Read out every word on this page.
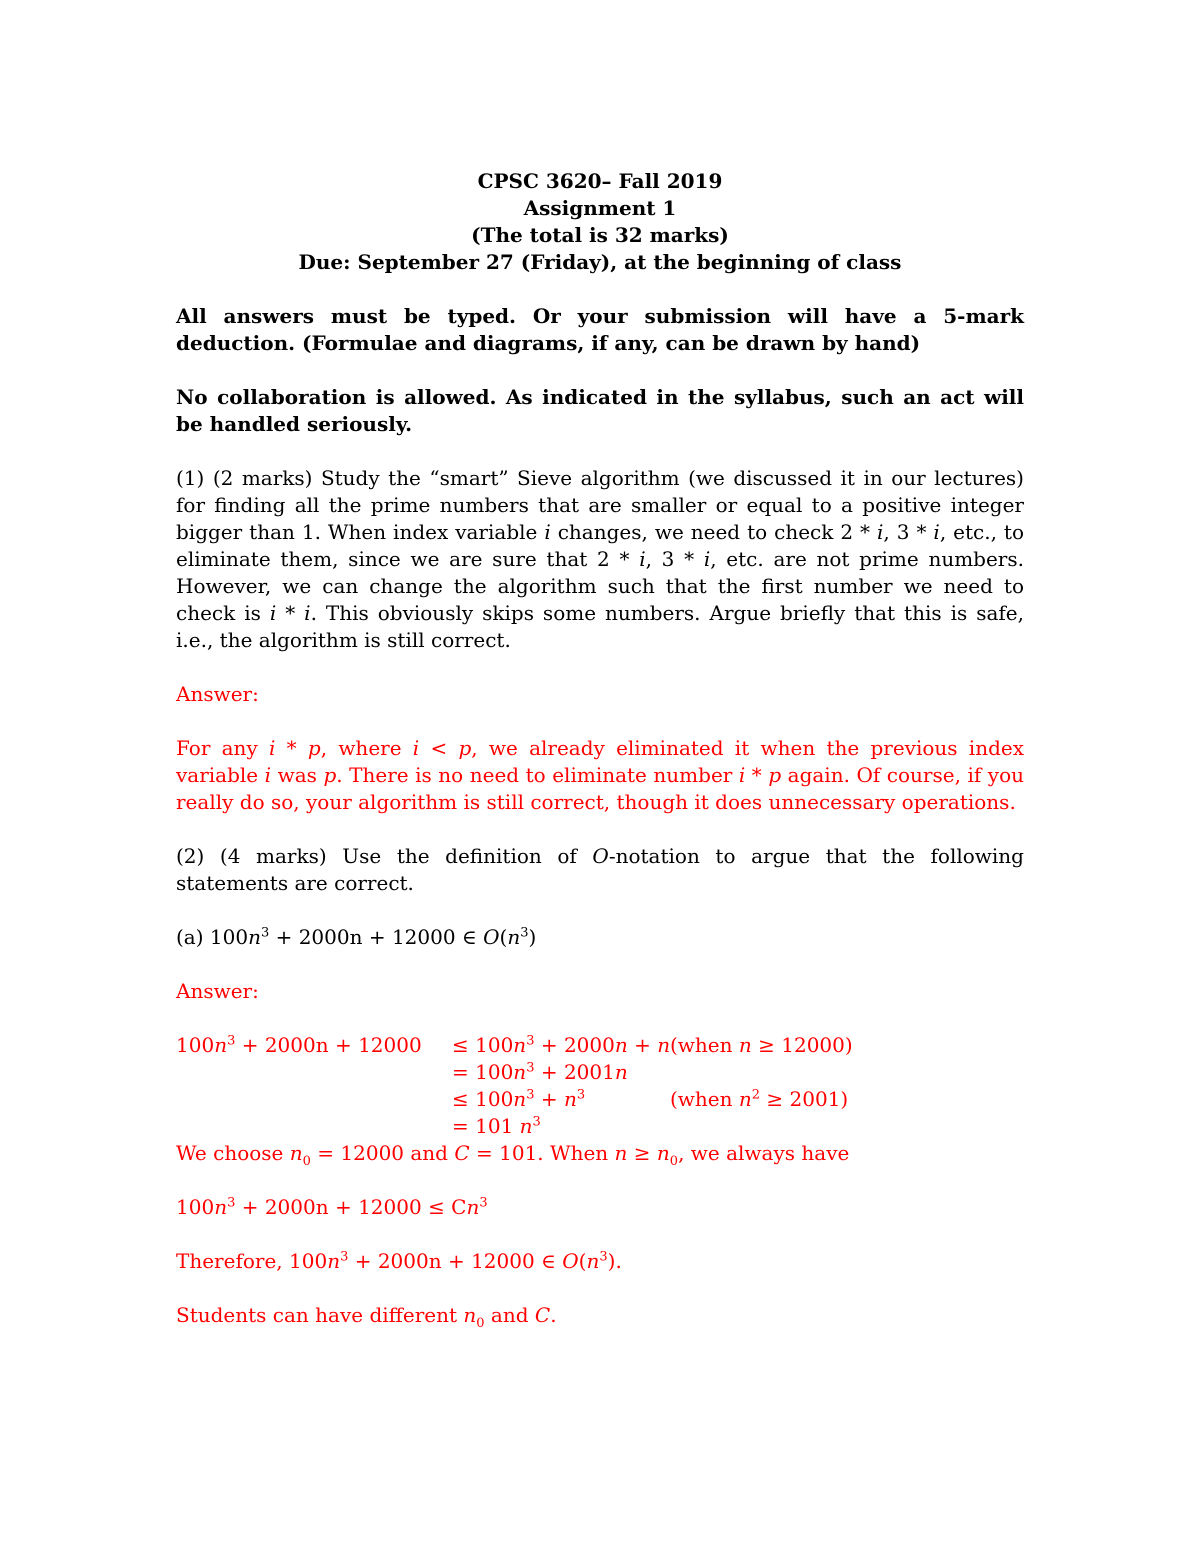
CPSC 3620– Fall 2019

Assignment 1

(The total is 32 marks)

Due: September 27 (Friday), at the beginning of class

All answers must be typed. Or your submission will have a 5-mark deduction. (Formulae and diagrams, if any, can be drawn by hand)

No collaboration is allowed. As indicated in the syllabus, such an act will be handled seriously.

(1) (2 marks) Study the “smart” Sieve algorithm (we discussed it in our lectures) for finding all the prime numbers that are smaller or equal to a positive integer bigger than 1. When index variable i changes, we need to check 2 * i, 3 * i, etc., to eliminate them, since we are sure that 2 * i, 3 * i, etc. are not prime numbers. However, we can change the algorithm such that the first number we need to check is i * i. This obviously skips some numbers. Argue briefly that this is safe, i.e., the algorithm is still correct.

Answer:

For any i * p, where i < p, we already eliminated it when the previous index variable i was p. There is no need to eliminate number i * p again. Of course, if you really do so, your algorithm is still correct, though it does unnecessary operations.

(2) (4 marks) Use the definition of O-notation to argue that the following statements are correct.

(a) $100n^3 + 2000n + 12000$ ∈ $O(n^3)$

Answer:

$100n^3 + 2000n + 12000 \le 100n^3 + 2000n + n$ (when n ≥ 12000)
= $100n^3 + 2001n$
≤ $100n^3 + n^3$	(when $n^2 \ge 2001$)
= 101 $n^3$

We choose $n_0 = 12000$ and C = 101. When $n \ge n_0$, we always have

$100n^3 + 2000n + 12000 \le Cn^3$

Therefore, $100n^3 + 2000n + 12000$ ∈ $O(n^3)$.

Students can have different $n_0$ and C.
